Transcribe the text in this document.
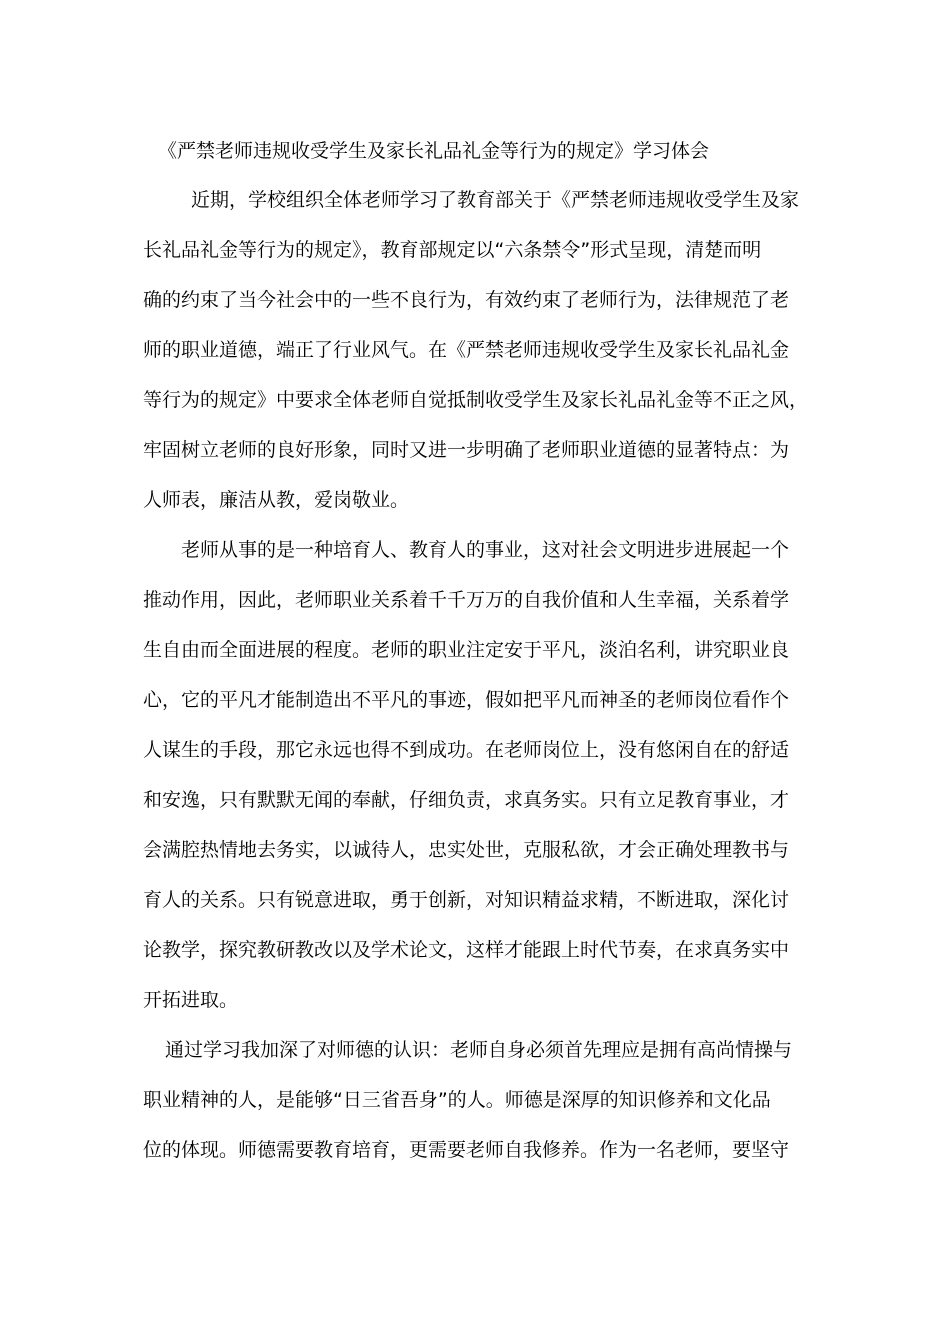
《严禁老师违规收受学生及家长礼品礼金等行为的规定》学习体会
近期，学校组织全体老师学习了教育部关于《严禁老师违规收受学生及家
长礼品礼金等行为的规定》，教育部规定以“六条禁令”形式呈现，清楚而明
确的约束了当今社会中的一些不良行为，有效约束了老师行为，法律规范了老
师的职业道德，端正了行业风气。在《严禁老师违规收受学生及家长礼品礼金
等行为的规定》中要求全体老师自觉抵制收受学生及家长礼品礼金等不正之风，
牢固树立老师的良好形象，同时又进一步明确了老师职业道德的显著特点：为
人师表，廉洁从教，爱岗敬业。
老师从事的是一种培育人、教育人的事业，这对社会文明进步进展起一个
推动作用，因此，老师职业关系着千千万万的自我价值和人生幸福，关系着学
生自由而全面进展的程度。老师的职业注定安于平凡，淡泊名利，讲究职业良
心，它的平凡才能制造出不平凡的事迹，假如把平凡而神圣的老师岗位看作个
人谋生的手段，那它永远也得不到成功。在老师岗位上，没有悠闲自在的舒适
和安逸，只有默默无闻的奉献，仔细负责，求真务实。只有立足教育事业，才
会满腔热情地去务实，以诚待人，忠实处世，克服私欲，才会正确处理教书与
育人的关系。只有锐意进取，勇于创新，对知识精益求精，不断进取，深化讨
论教学，探究教研教改以及学术论文，这样才能跟上时代节奏，在求真务实中
开拓进取。
通过学习我加深了对师德的认识：老师自身必须首先理应是拥有高尚情操与
职业精神的人，是能够“日三省吾身”的人。师德是深厚的知识修养和文化品
位的体现。师德需要教育培育，更需要老师自我修养。作为一名老师，要坚守
